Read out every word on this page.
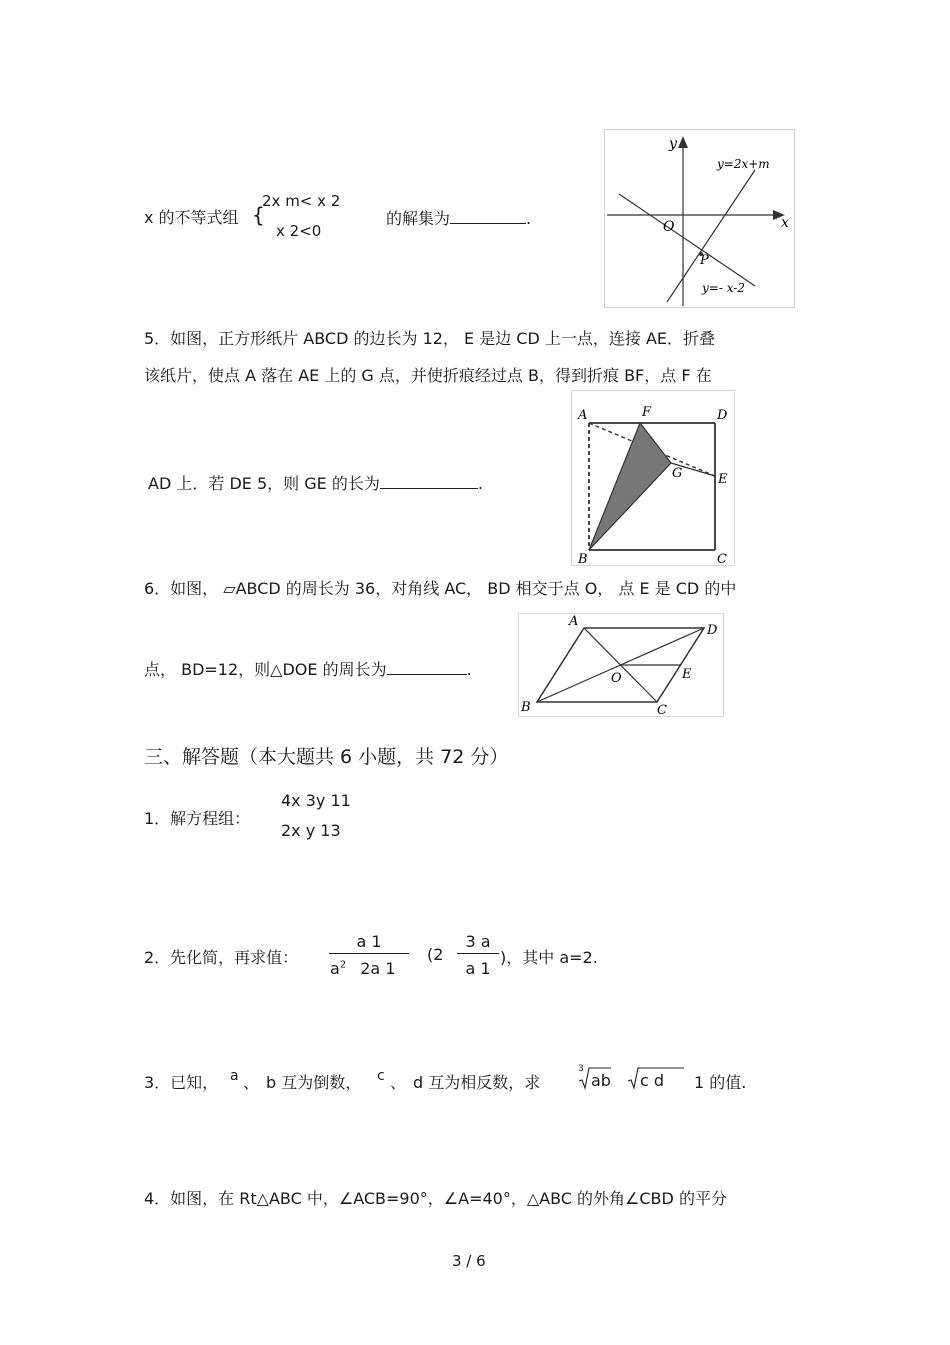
x 的不等式组 {
2x m< x 2
x 2<0
的解集为	.
y
x
O
y=2x+m
P
y=- x-2
5．如图，正方形纸片 ABCD 的边长为 12， E 是边 CD 上一点，连接 AE．折叠
该纸片，使点 A 落在 AE 上的 G 点，并使折痕经过点 B，得到折痕 BF，点 F 在
AD 上．若 DE 5，则 GE 的长为	.
A	F	D
G	E
B	C
6．如图， ▱ABCD 的周长为 36，对角线 AC， BD 相交于点 O， 点 E 是 CD 的中
点， BD=12，则△DOE 的周长为	.
A
D
O	E
B	C
三、解答题（本大题共 6 小题，共 72 分）
1．解方程组：
4x 3y 11
2x y 13
2．先化简，再求值：
a 1
$a^2$ 2a 1
(2
3 a
a 1
)，其中 a=2.
3．已知， a 、 b 互为倒数， c 、 d 互为相反数，求
3
ab c d 1 的值.
4．如图，在 Rt△ABC 中，∠ACB=90°，∠A=40°，△ABC 的外角∠CBD 的平分
3 / 6
